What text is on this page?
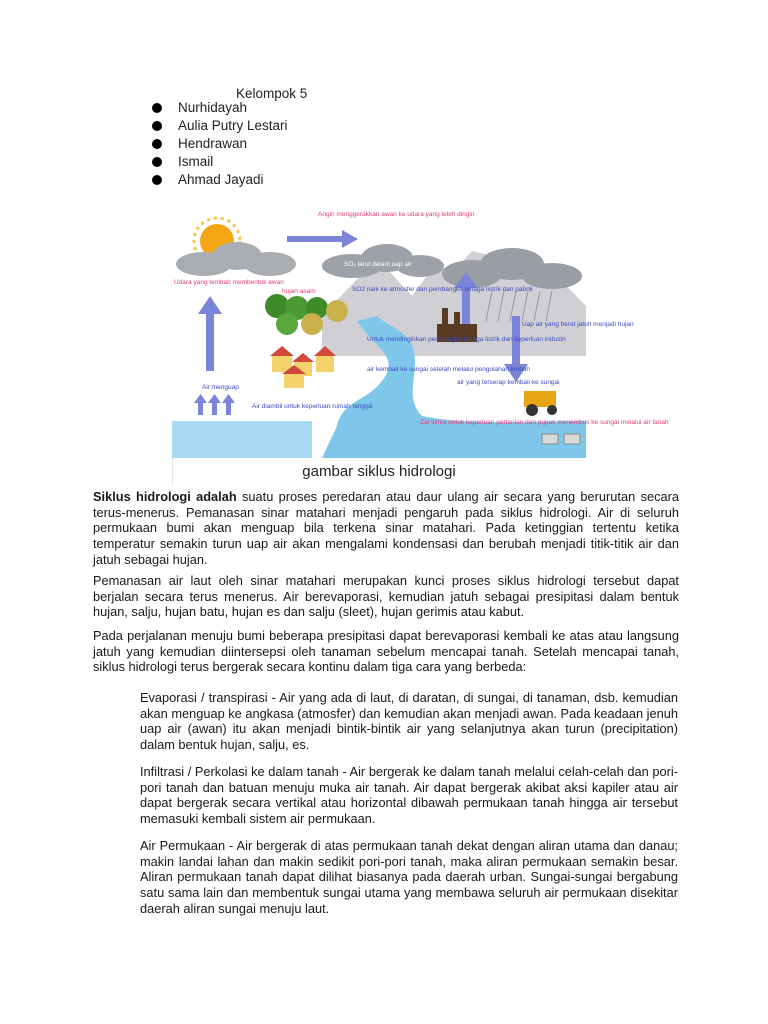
Kelompok 5
Nurhidayah
Aulia Putry Lestari
Hendrawan
Ismail
Ahmad Jayadi
Angin menggerakkan awan ke udara yang lebih dingin
Udara yang lembab membentuk awan
SO₂ larut dalam uap air
hujan asam	SO2 naik ke atmosfer dari pembangkit tenaga listrik dan pabrik
Uap air yang berat jatuh menjadi hujan
Untuk mendinginkan pembangkit tenaga listrik dan keperluan industri
air kembali ke sungai setelah melalui pengolahan limbah
Air menguap
Air diambil untuk keperluan rumah tangga
air yang terserap kembali ke sungai
Zat kimia untuk keperluan pertanian dan pupuk menembus ke sungai melalui air tanah
gambar siklus hidrologi
Siklus hidrologi adalah suatu proses peredaran atau daur ulang air secara yang berurutan secara terus-menerus. Pemanasan sinar matahari menjadi pengaruh pada siklus hidrologi. Air di seluruh permukaan bumi akan menguap bila terkena sinar matahari. Pada ketinggian tertentu ketika temperatur semakin turun uap air akan mengalami kondensasi dan berubah menjadi titik-titik air dan jatuh sebagai hujan.
Pemanasan air laut oleh sinar matahari merupakan kunci proses siklus hidrologi tersebut dapat berjalan secara terus menerus. Air berevaporasi, kemudian jatuh sebagai presipitasi dalam bentuk hujan, salju, hujan batu, hujan es dan salju (sleet), hujan gerimis atau kabut.
Pada perjalanan menuju bumi beberapa presipitasi dapat berevaporasi kembali ke atas atau langsung jatuh yang kemudian diintersepsi oleh tanaman sebelum mencapai tanah. Setelah mencapai tanah, siklus hidrologi terus bergerak secara kontinu dalam tiga cara yang berbeda:
Evaporasi / transpirasi - Air yang ada di laut, di daratan, di sungai, di tanaman, dsb. kemudian akan menguap ke angkasa (atmosfer) dan kemudian akan menjadi awan. Pada keadaan jenuh uap air (awan) itu akan menjadi bintik-bintik air yang selanjutnya akan turun (precipitation) dalam bentuk hujan, salju, es.
Infiltrasi / Perkolasi ke dalam tanah - Air bergerak ke dalam tanah melalui celah-celah dan pori-pori tanah dan batuan menuju muka air tanah. Air dapat bergerak akibat aksi kapiler atau air dapat bergerak secara vertikal atau horizontal dibawah permukaan tanah hingga air tersebut memasuki kembali sistem air permukaan.
Air Permukaan - Air bergerak di atas permukaan tanah dekat dengan aliran utama dan danau; makin landai lahan dan makin sedikit pori-pori tanah, maka aliran permukaan semakin besar. Aliran permukaan tanah dapat dilihat biasanya pada daerah urban. Sungai-sungai bergabung satu sama lain dan membentuk sungai utama yang membawa seluruh air permukaan disekitar daerah aliran sungai menuju laut.
